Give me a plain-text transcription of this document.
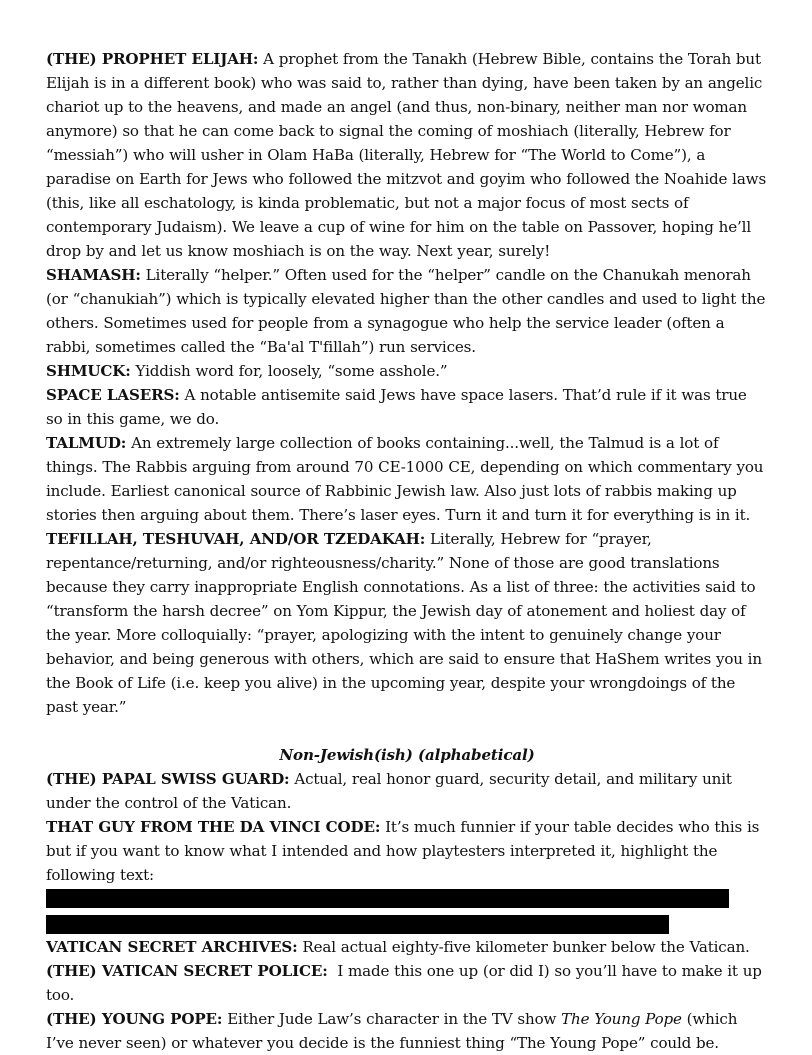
(THE) PROPHET ELIJAH: A prophet from the Tanakh (Hebrew Bible, contains the Torah but Elijah is in a different book) who was said to, rather than dying, have been taken by an angelic chariot up to the heavens, and made an angel (and thus, non-binary, neither man nor woman anymore) so that he can come back to signal the coming of moshiach (literally, Hebrew for “messiah”) who will usher in Olam HaBa (literally, Hebrew for “The World to Come”), a paradise on Earth for Jews who followed the mitzvot and goyim who followed the Noahide laws (this, like all eschatology, is kinda problematic, but not a major focus of most sects of contemporary Judaism). We leave a cup of wine for him on the table on Passover, hoping he’ll drop by and let us know moshiach is on the way. Next year, surely!

SHAMASH: Literally “helper.” Often used for the “helper” candle on the Chanukah menorah (or “chanukiah”) which is typically elevated higher than the other candles and used to light the others. Sometimes used for people from a synagogue who help the service leader (often a rabbi, sometimes called the “Ba'al T'fillah”) run services.

SHMUCK: Yiddish word for, loosely, “some asshole.”

SPACE LASERS: A notable antisemite said Jews have space lasers. That’d rule if it was true so in this game, we do.

TALMUD: An extremely large collection of books containing...well, the Talmud is a lot of things. The Rabbis arguing from around 70 CE-1000 CE, depending on which commentary you include. Earliest canonical source of Rabbinic Jewish law. Also just lots of rabbis making up stories then arguing about them. There’s laser eyes. Turn it and turn it for everything is in it.

TEFILLAH, TESHUVAH, AND/OR TZEDAKAH: Literally, Hebrew for “prayer, repentance/returning, and/or righteousness/charity.” None of those are good translations because they carry inappropriate English connotations. As a list of three: the activities said to “transform the harsh decree” on Yom Kippur, the Jewish day of atonement and holiest day of the year. More colloquially: “prayer, apologizing with the intent to genuinely change your behavior, and being generous with others, which are said to ensure that HaShem writes you in the Book of Life (i.e. keep you alive) in the upcoming year, despite your wrongdoings of the past year.”

Non-Jewish(ish) (alphabetical)

(THE) PAPAL SWISS GUARD: Actual, real honor guard, security detail, and military unit under the control of the Vatican.

THAT GUY FROM THE DA VINCI CODE: It’s much funnier if your table decides who this is but if you want to know what I intended and how playtesters interpreted it, highlight the following text:

VATICAN SECRET ARCHIVES: Real actual eighty-five kilometer bunker below the Vatican.

(THE) VATICAN SECRET POLICE:  I made this one up (or did I) so you’ll have to make it up too.

(THE) YOUNG POPE: Either Jude Law’s character in the TV show The Young Pope (which I’ve never seen) or whatever you decide is the funniest thing “The Young Pope” could be.
